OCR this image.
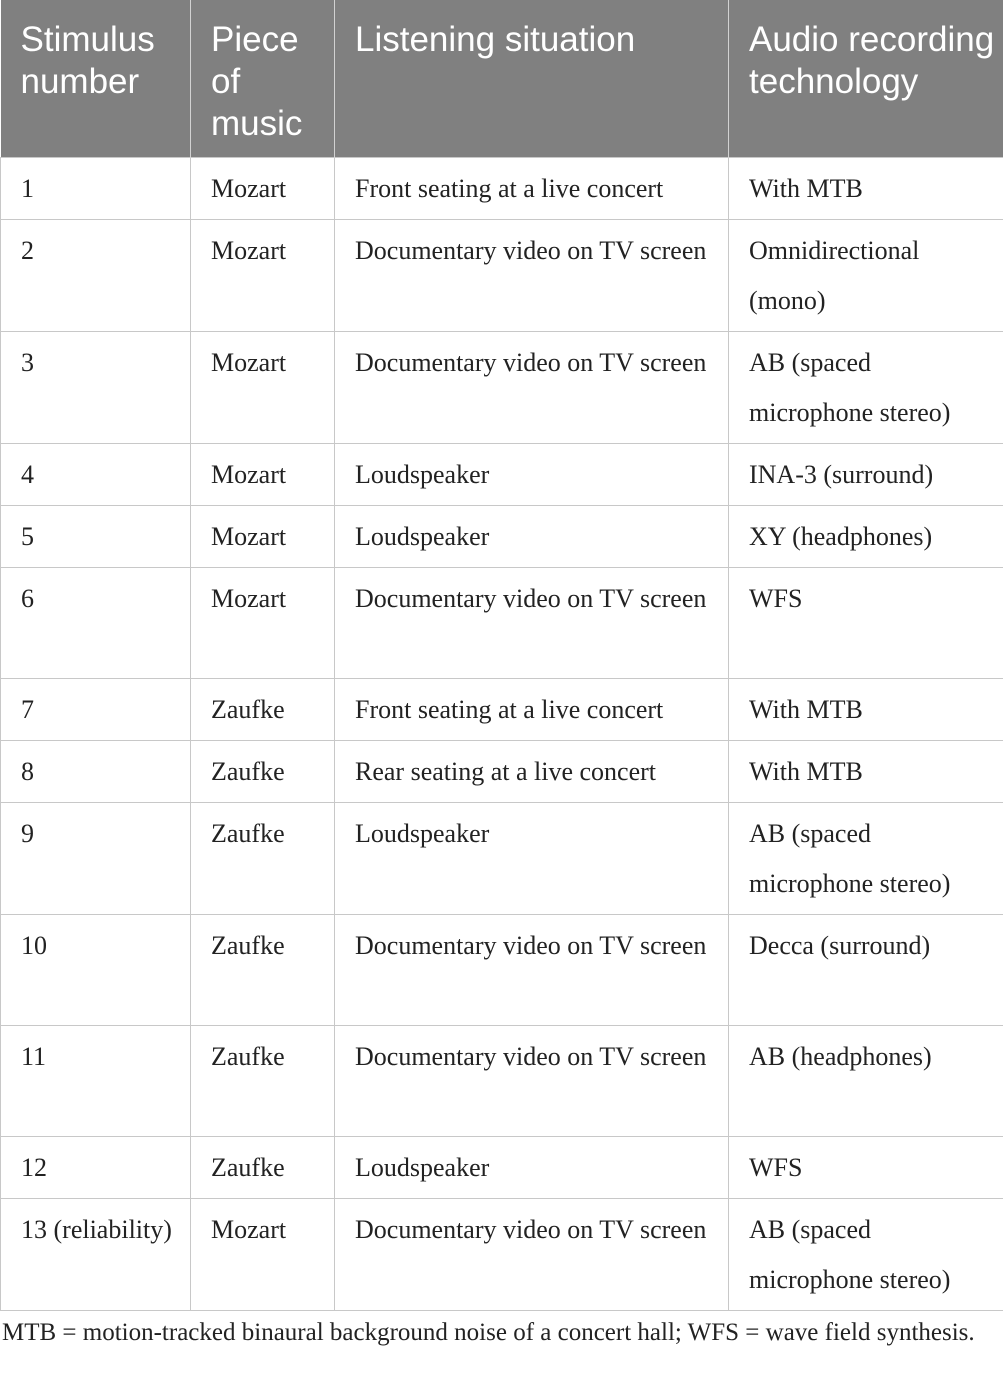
Stimulus number	Piece of music	Listening situation	Audio recording technology
1	Mozart	Front seating at a live concert	With MTB
2	Mozart	Documentary video on TV screen	Omnidirectional (mono)
3	Mozart	Documentary video on TV screen	AB (spaced microphone stereo)
4	Mozart	Loudspeaker	INA-3 (surround)
5	Mozart	Loudspeaker	XY (headphones)
6	Mozart	Documentary video on TV screen	WFS
7	Zaufke	Front seating at a live concert	With MTB
8	Zaufke	Rear seating at a live concert	With MTB
9	Zaufke	Loudspeaker	AB (spaced microphone stereo)
10	Zaufke	Documentary video on TV screen	Decca (surround)
11	Zaufke	Documentary video on TV screen	AB (headphones)
12	Zaufke	Loudspeaker	WFS
13 (reliability)	Mozart	Documentary video on TV screen	AB (spaced microphone stereo)
MTB = motion-tracked binaural background noise of a concert hall; WFS = wave field synthesis.
